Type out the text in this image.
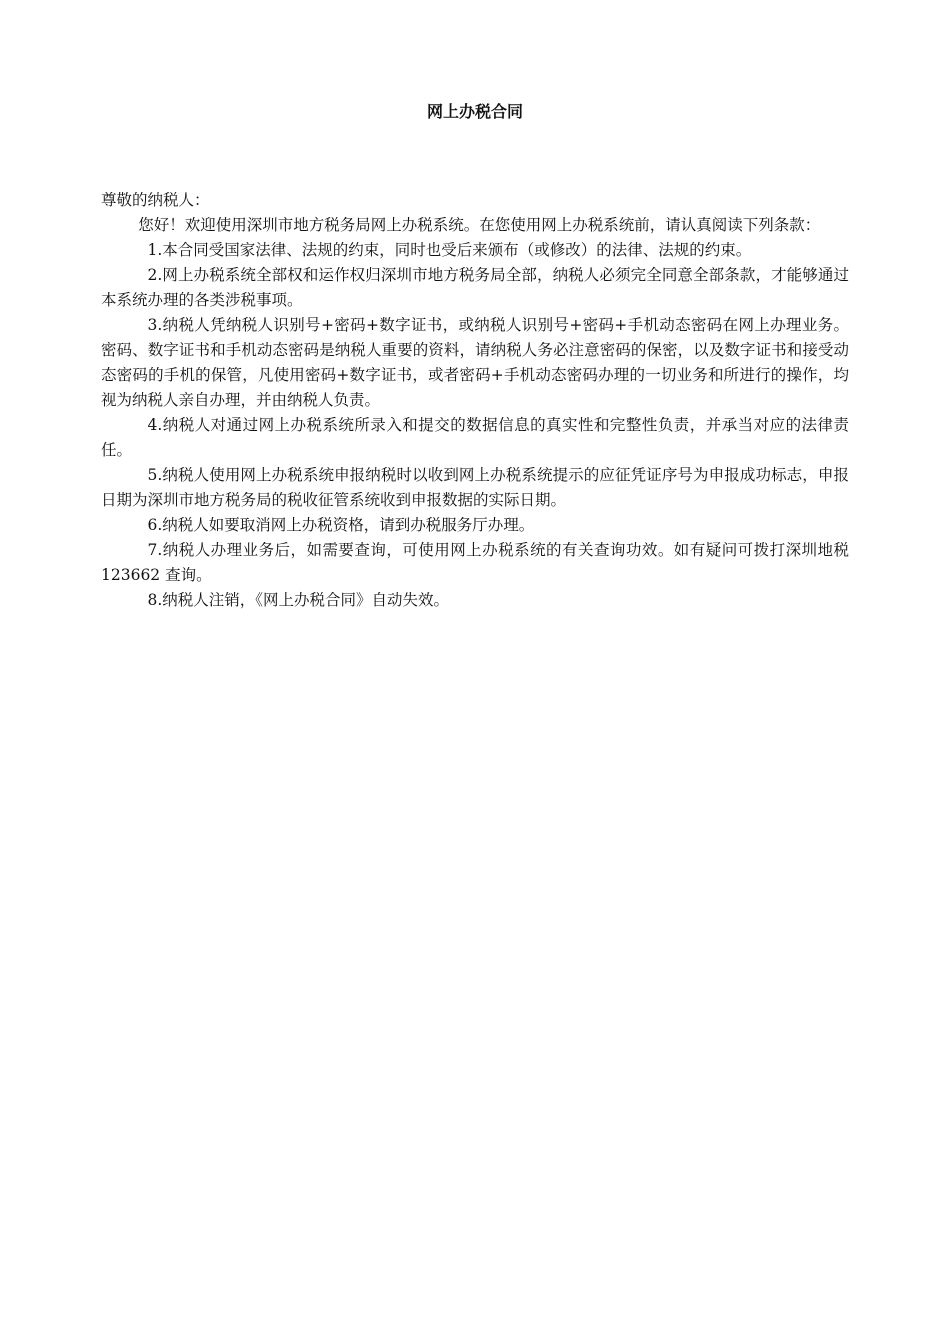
网上办税合同

尊敬的纳税人：

您好！欢迎使用深圳市地方税务局网上办税系统。在您使用网上办税系统前，请认真阅读下列条款：

1.本合同受国家法律、法规的约束，同时也受后来颁布（或修改）的法律、法规的约束。

2.网上办税系统全部权和运作权归深圳市地方税务局全部，纳税人必须完全同意全部条款，才能够通过本系统办理的各类涉税事项。

3.纳税人凭纳税人识别号+密码+数字证书，或纳税人识别号+密码+手机动态密码在网上办理业务。密码、数字证书和手机动态密码是纳税人重要的资料，请纳税人务必注意密码的保密，以及数字证书和接受动态密码的手机的保管，凡使用密码+数字证书，或者密码+手机动态密码办理的一切业务和所进行的操作，均视为纳税人亲自办理，并由纳税人负责。

4.纳税人对通过网上办税系统所录入和提交的数据信息的真实性和完整性负责，并承当对应的法律责任。

5.纳税人使用网上办税系统申报纳税时以收到网上办税系统提示的应征凭证序号为申报成功标志，申报日期为深圳市地方税务局的税收征管系统收到申报数据的实际日期。

6.纳税人如要取消网上办税资格，请到办税服务厅办理。

7.纳税人办理业务后，如需要查询，可使用网上办税系统的有关查询功效。如有疑问可拨打深圳地税 123662 查询。

8.纳税人注销，《网上办税合同》自动失效。
